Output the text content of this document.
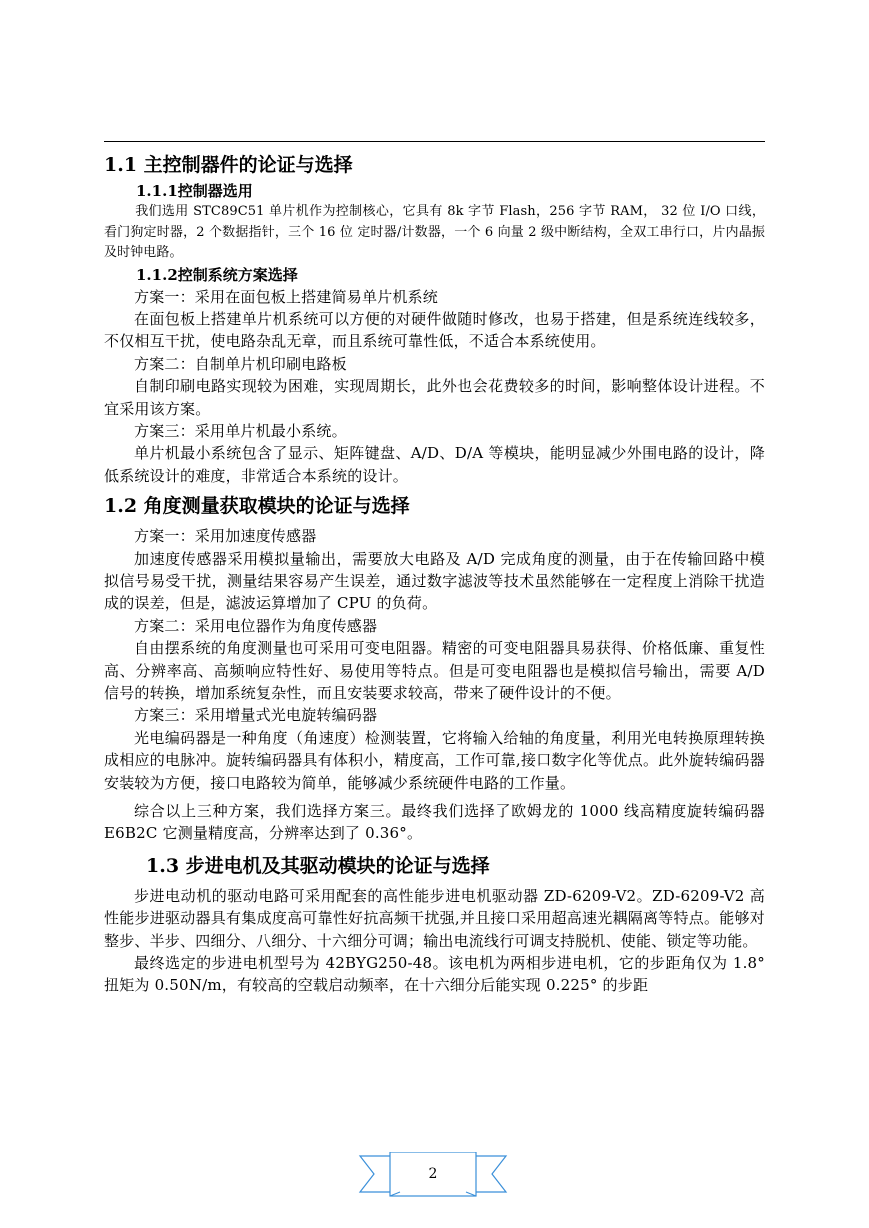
1.1 主控制器件的论证与选择
1.1.1控制器选用

我们选用 STC89C51 单片机作为控制核心，它具有 8k 字节 Flash，256 字节 RAM， 32 位 I/O 口线，看门狗定时器，2 个数据指针，三个 16 位 定时器/计数器，一个 6 向量 2 级中断结构，全双工串行口，片内晶振及时钟电路。

1.1.2控制系统方案选择

方案一：采用在面包板上搭建简易单片机系统

在面包板上搭建单片机系统可以方便的对硬件做随时修改，也易于搭建，但是系统连线较多，不仅相互干扰，使电路杂乱无章，而且系统可靠性低，不适合本系统使用。

方案二：自制单片机印刷电路板

自制印刷电路实现较为困难，实现周期长，此外也会花费较多的时间，影响整体设计进程。不宜采用该方案。

方案三：采用单片机最小系统。

单片机最小系统包含了显示、矩阵键盘、A/D、D/A 等模块，能明显减少外围电路的设计，降低系统设计的难度，非常适合本系统的设计。

1.2 角度测量获取模块的论证与选择

方案一：采用加速度传感器

加速度传感器采用模拟量输出，需要放大电路及 A/D 完成角度的测量，由于在传输回路中模拟信号易受干扰，测量结果容易产生误差，通过数字滤波等技术虽然能够在一定程度上消除干扰造成的误差，但是，滤波运算增加了 CPU 的负荷。

方案二：采用电位器作为角度传感器

自由摆系统的角度测量也可采用可变电阻器。精密的可变电阻器具易获得、价格低廉、重复性高、分辨率高、高频响应特性好、易使用等特点。但是可变电阻器也是模拟信号输出，需要 A/D 信号的转换，增加系统复杂性，而且安装要求较高，带来了硬件设计的不便。

方案三：采用增量式光电旋转编码器

光电编码器是一种角度（角速度）检测装置，它将输入给轴的角度量，利用光电转换原理转换成相应的电脉冲。旋转编码器具有体积小，精度高，工作可靠,接口数字化等优点。此外旋转编码器安装较为方便，接口电路较为简单，能够减少系统硬件电路的工作量。

综合以上三种方案，我们选择方案三。最终我们选择了欧姆龙的 1000 线高精度旋转编码器 E6B2C 它测量精度高，分辨率达到了 0.36°。

1.3 步进电机及其驱动模块的论证与选择

步进电动机的驱动电路可采用配套的高性能步进电机驱动器 ZD-6209-V2。ZD-6209-V2 高性能步进驱动器具有集成度高可靠性好抗高频干扰强,并且接口采用超高速光耦隔离等特点。能够对整步、半步、四细分、八细分、十六细分可调；输出电流线行可调支持脱机、使能、锁定等功能。

最终选定的步进电机型号为 42BYG250-48。该电机为两相步进电机，它的步距角仅为 1.8° 扭矩为 0.50N/m，有较高的空载启动频率，在十六细分后能实现 0.225° 的步距

2
